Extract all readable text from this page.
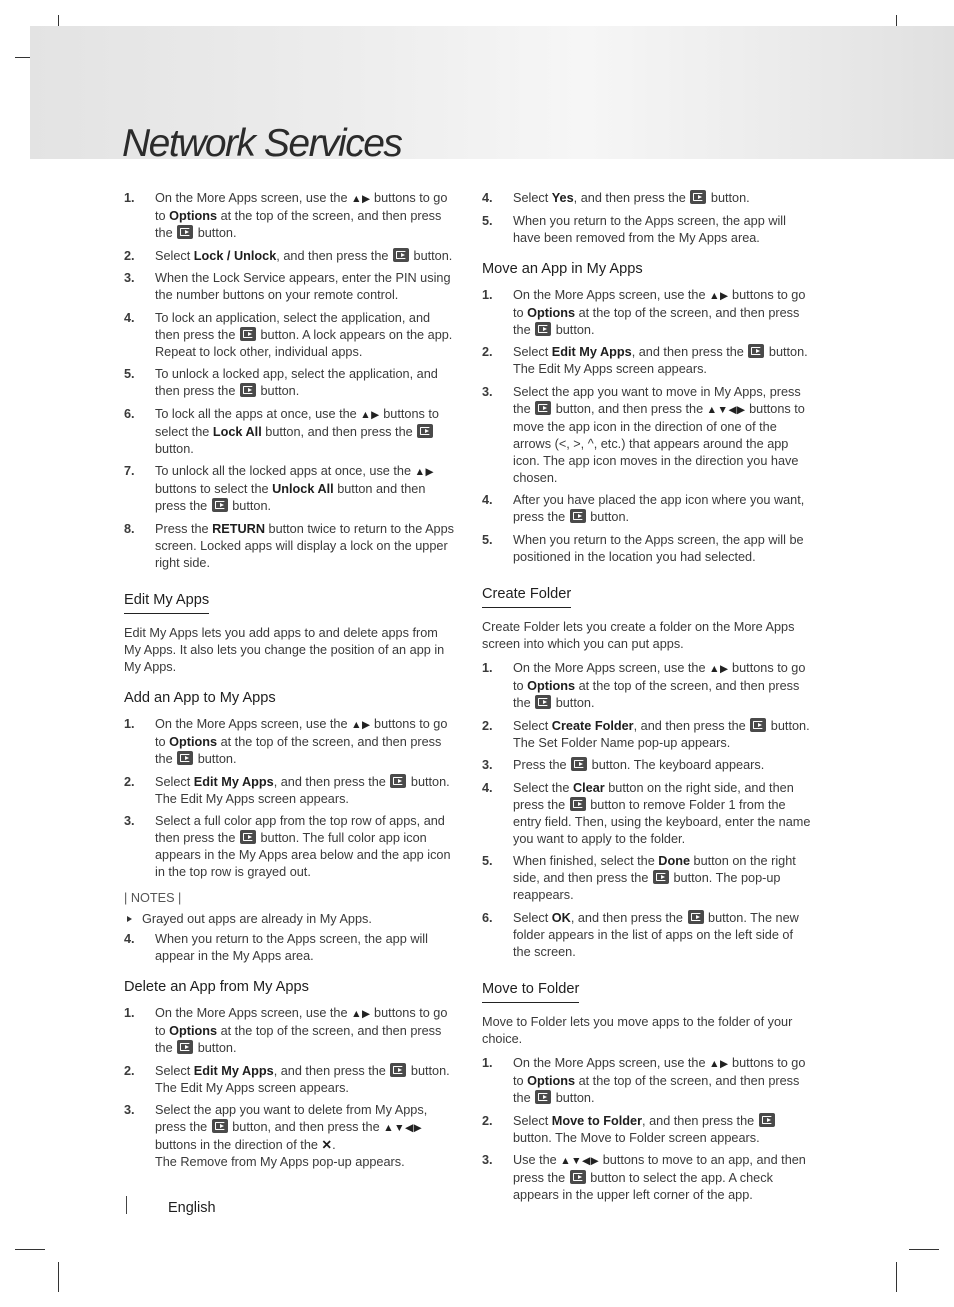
Network Services
1. On the More Apps screen, use the ▲▶ buttons to go to Options at the top of the screen, and then press the  button.
2. Select Lock / Unlock, and then press the  button.
3. When the Lock Service appears, enter the PIN using the number buttons on your remote control.
4. To lock an application, select the application, and then press the  button. A lock appears on the app. Repeat to lock other, individual apps.
5. To unlock a locked app, select the application, and then press the  button.
6. To lock all the apps at once, use the ▲▶ buttons to select the Lock All button, and then press the  button.
7. To unlock all the locked apps at once, use the ▲▶ buttons to select the Unlock All button and then press the  button.
8. Press the RETURN button twice to return to the Apps screen. Locked apps will display a lock on the upper right side.
Edit My Apps

Edit My Apps lets you add apps to and delete apps from My Apps. It also lets you change the position of an app in My Apps.

Add an App to My Apps
1. On the More Apps screen, use the ▲▶ buttons to go to Options at the top of the screen, and then press the  button.
2. Select Edit My Apps, and then press the  button. The Edit My Apps screen appears.
3. Select a full color app from the top row of apps, and then press the  button. The full color app icon appears in the My Apps area below and the app icon in the top row is grayed out.
| NOTES |
Grayed out apps are already in My Apps.
4. When you return to the Apps screen, the app will appear in the My Apps area.
Delete an App from My Apps
1. On the More Apps screen, use the ▲▶ buttons to go to Options at the top of the screen, and then press the  button.
2. Select Edit My Apps, and then press the  button. The Edit My Apps screen appears.
3. Select the app you want to delete from My Apps, press the  button, and then press the ▲▼◀▶ buttons in the direction of the ✕.
The Remove from My Apps pop-up appears.
4. Select Yes, and then press the  button.
5. When you return to the Apps screen, the app will have been removed from the My Apps area.
Move an App in My Apps
1. On the More Apps screen, use the ▲▶ buttons to go to Options at the top of the screen, and then press the  button.
2. Select Edit My Apps, and then press the  button. The Edit My Apps screen appears.
3. Select the app you want to move in My Apps, press the  button, and then press the ▲▼◀▶ buttons to move the app icon in the direction of one of the arrows (<, >, ^, etc.) that appears around the app icon. The app icon moves in the direction you have chosen.
4. After you have placed the app icon where you want, press the  button.
5. When you return to the Apps screen, the app will be positioned in the location you had selected.
Create Folder

Create Folder lets you create a folder on the More Apps screen into which you can put apps.

1. On the More Apps screen, use the ▲▶ buttons to go to Options at the top of the screen, and then press the  button.
2. Select Create Folder, and then press the  button. The Set Folder Name pop-up appears.
3. Press the  button. The keyboard appears.
4. Select the Clear button on the right side, and then press the  button to remove Folder 1 from the entry field. Then, using the keyboard, enter the name you want to apply to the folder.
5. When finished, select the Done button on the right side, and then press the  button. The pop-up reappears.
6. Select OK, and then press the  button. The new folder appears in the list of apps on the left side of the screen.
Move to Folder

Move to Folder lets you move apps to the folder of your choice.

1. On the More Apps screen, use the ▲▶ buttons to go to Options at the top of the screen, and then press the  button.
2. Select Move to Folder, and then press the  button. The Move to Folder screen appears.
3. Use the ▲▼◀▶ buttons to move to an app, and then press the  button to select the app. A check appears in the upper left corner of the app.
English
